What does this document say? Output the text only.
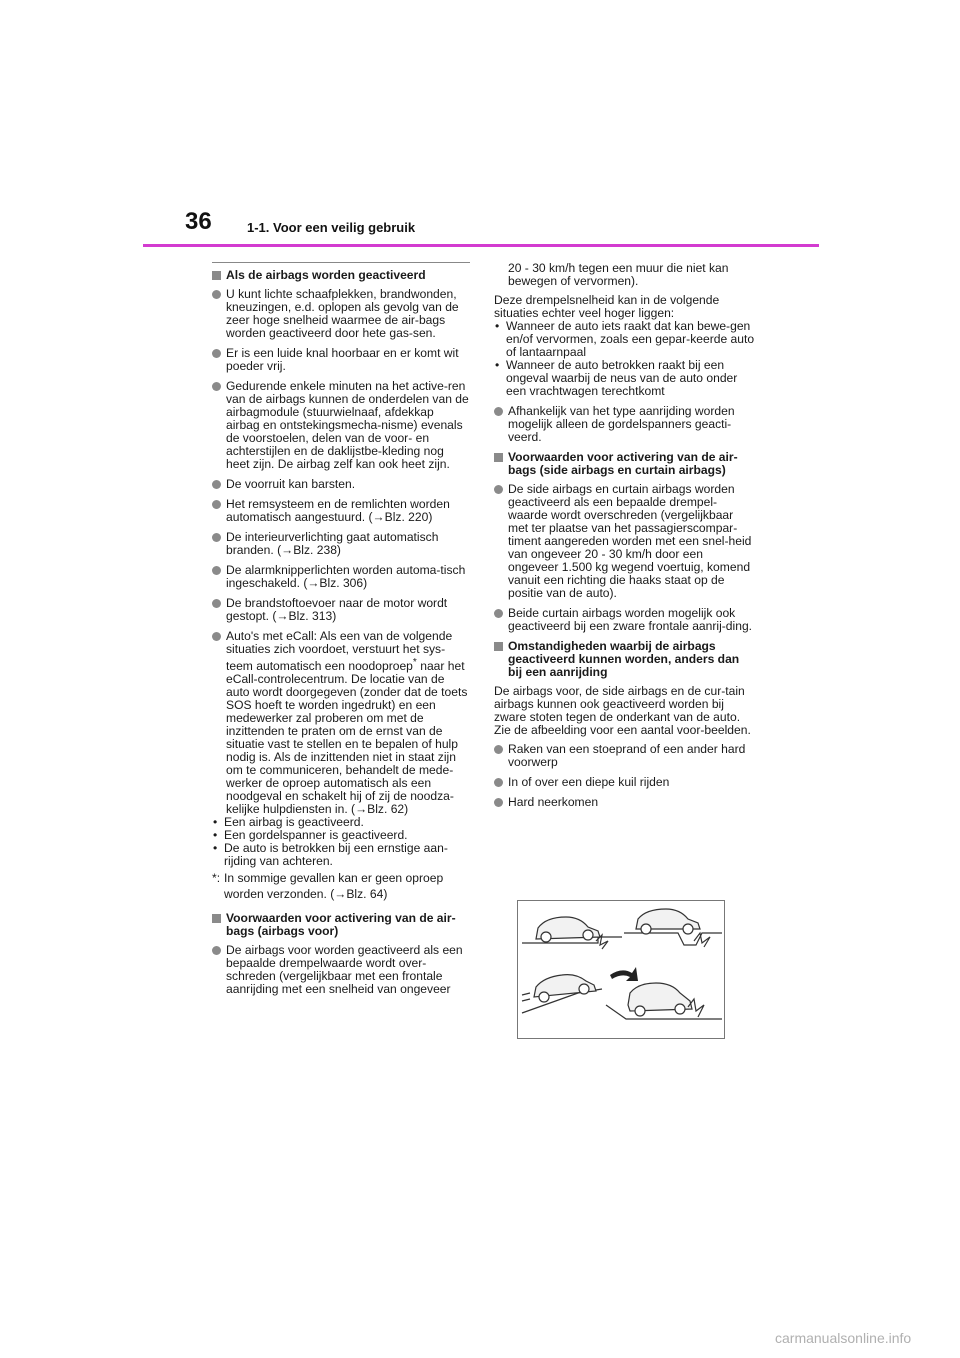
36	1-1. Voor een veilig gebruik

Als de airbags worden geactiveerd

U kunt lichte schaafplekken, brandwonden, kneuzingen, e.d. oplopen als gevolg van de zeer hoge snelheid waarmee de air-bags worden geactiveerd door hete gas-sen.

Er is een luide knal hoorbaar en er komt wit poeder vrij.

Gedurende enkele minuten na het active-ren van de airbags kunnen de onderdelen van de airbagmodule (stuurwielnaaf, afdekkap airbag en ontstekingsmecha-nisme) evenals de voorstoelen, delen van de voor- en achterstijlen en de daklijstbe-kleding nog heet zijn. De airbag zelf kan ook heet zijn.

De voorruit kan barsten.

Het remsysteem en de remlichten worden automatisch aangestuurd. (→Blz. 220)

De interieurverlichting gaat automatisch branden. (→Blz. 238)

De alarmknipperlichten worden automa-tisch ingeschakeld. (→Blz. 306)

De brandstoftoevoer naar de motor wordt gestopt. (→Blz. 313)

Auto's met eCall: Als een van de volgende situaties zich voordoet, verstuurt het sys-teem automatisch een noodoproep* naar het eCall-controlecentrum. De locatie van de auto wordt doorgegeven (zonder dat de toets SOS hoeft te worden ingedrukt) en een medewerker zal proberen om met de inzittenden te praten om de ernst van de situatie vast te stellen en te bepalen of hulp nodig is. Als de inzittenden niet in staat zijn om te communiceren, behandelt de mede-werker de oproep automatisch als een noodgeval en schakelt hij of zij de noodza-kelijke hulpdiensten in. (→Blz. 62)

• Een airbag is geactiveerd.

• Een gordelspanner is geactiveerd.

• De auto is betrokken bij een ernstige aan-rijding van achteren.

*: In sommige gevallen kan er geen oproep worden verzonden. (→Blz. 64)

Voorwaarden voor activering van de air-bags (airbags voor)

De airbags voor worden geactiveerd als een bepaalde drempelwaarde wordt over-schreden (vergelijkbaar met een frontale aanrijding met een snelheid van ongeveer

20 - 30 km/h tegen een muur die niet kan bewegen of vervormen).

Deze drempelsnelheid kan in de volgende situaties echter veel hoger liggen:

• Wanneer de auto iets raakt dat kan bewe-gen en/of vervormen, zoals een gepar-keerde auto of lantaarnpaal

• Wanneer de auto betrokken raakt bij een ongeval waarbij de neus van de auto onder een vrachtwagen terechtkomt

Afhankelijk van het type aanrijding worden mogelijk alleen de gordelspanners geacti-veerd.

Voorwaarden voor activering van de air-bags (side airbags en curtain airbags)

De side airbags en curtain airbags worden geactiveerd als een bepaalde drempel-waarde wordt overschreden (vergelijkbaar met ter plaatse van het passagierscompar-timent aangereden worden met een snel-heid van ongeveer 20 - 30 km/h door een ongeveer 1.500 kg wegend voertuig, komend vanuit een richting die haaks staat op de positie van de auto).

Beide curtain airbags worden mogelijk ook geactiveerd bij een zware frontale aanrij-ding.

Omstandigheden waarbij de airbags geactiveerd kunnen worden, anders dan bij een aanrijding

De airbags voor, de side airbags en de cur-tain airbags kunnen ook geactiveerd worden bij zware stoten tegen de onderkant van de auto. Zie de afbeelding voor een aantal voor-beelden.

Raken van een stoeprand of een ander hard voorwerp

In of over een diepe kuil rijden

Hard neerkomen

carmanualsonline.info
